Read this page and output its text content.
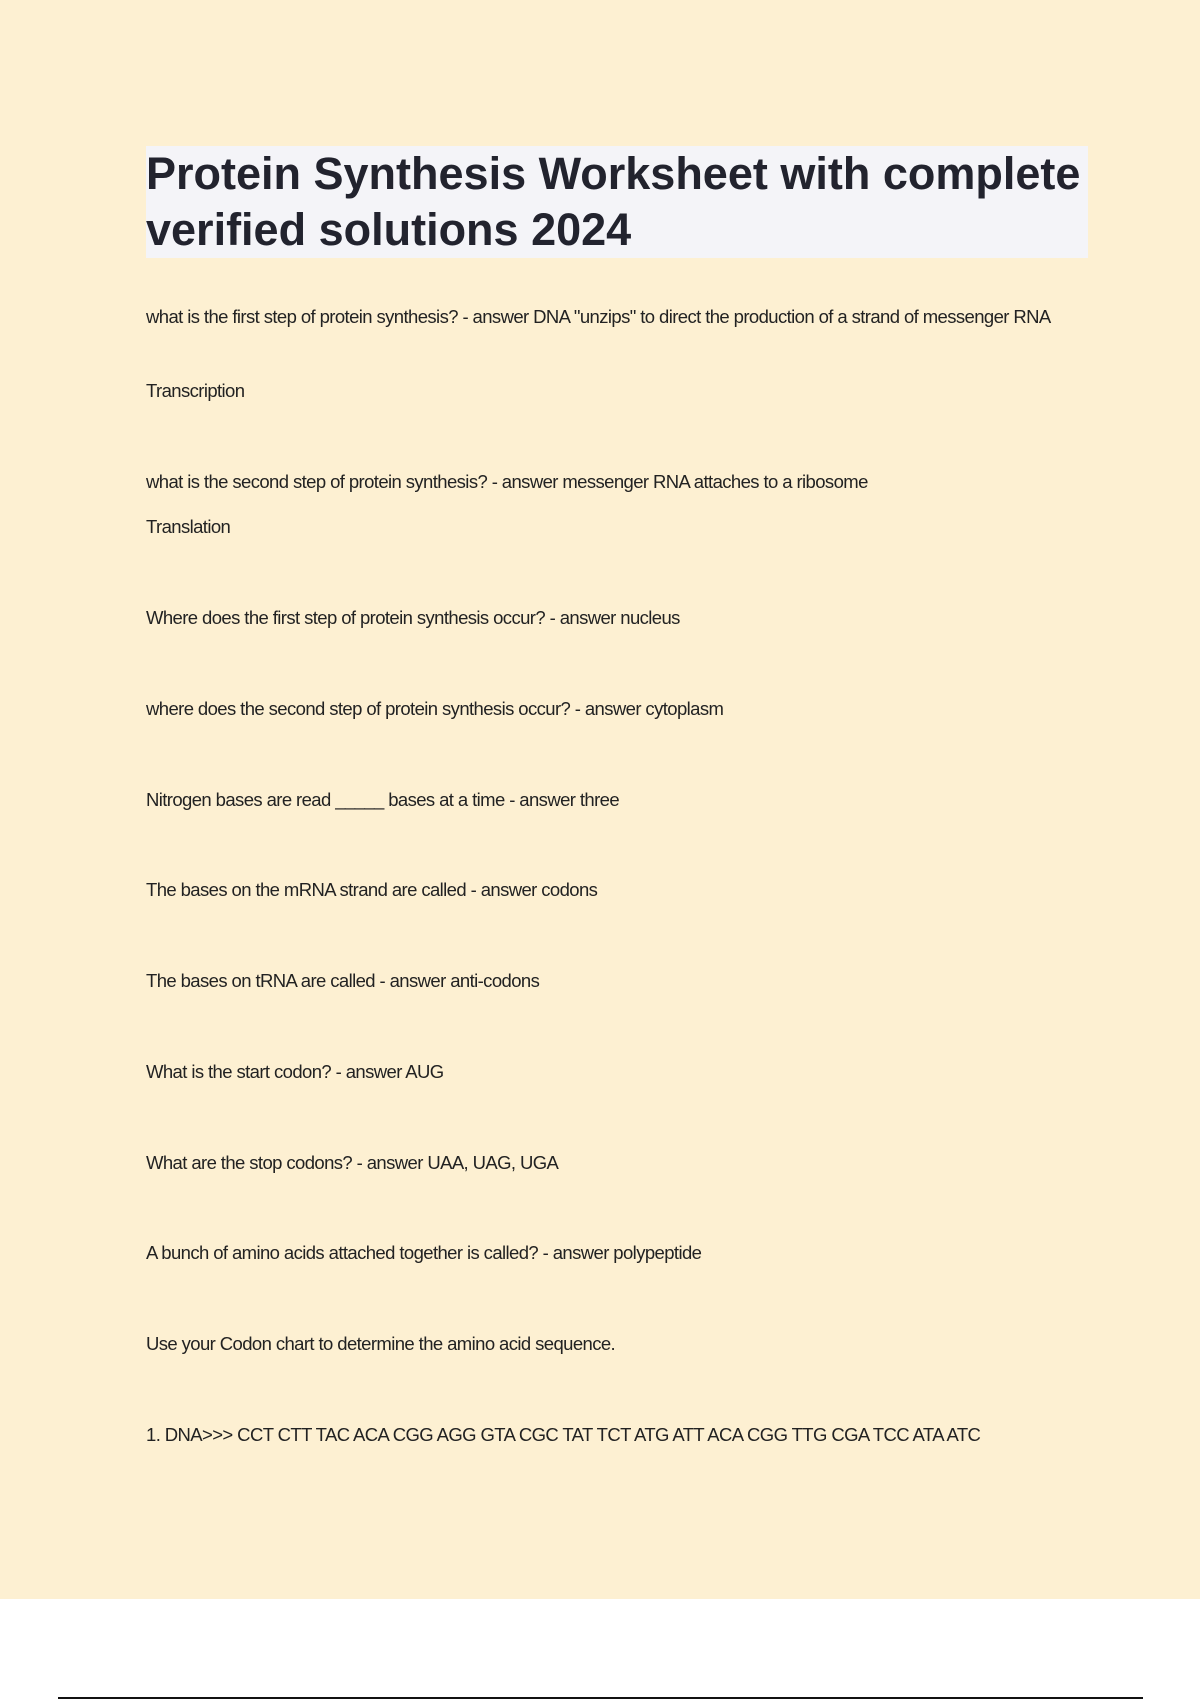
Protein Synthesis Worksheet with complete verified solutions 2024

what is the first step of protein synthesis? - answer DNA "unzips" to direct the production of a strand of messenger RNA

Transcription

what is the second step of protein synthesis? - answer messenger RNA attaches to a ribosome

Translation

Where does the first step of protein synthesis occur? - answer nucleus

where does the second step of protein synthesis occur? - answer cytoplasm

Nitrogen bases are read _____ bases at a time - answer three

The bases on the mRNA strand are called - answer codons

The bases on tRNA are called - answer anti-codons

What is the start codon? - answer AUG

What are the stop codons? - answer UAA, UAG, UGA

A bunch of amino acids attached together is called? - answer polypeptide

Use your Codon chart to determine the amino acid sequence.

1. DNA>>> CCT CTT TAC ACA CGG AGG GTA CGC TAT TCT ATG ATT ACA CGG TTG CGA TCC ATA ATC
